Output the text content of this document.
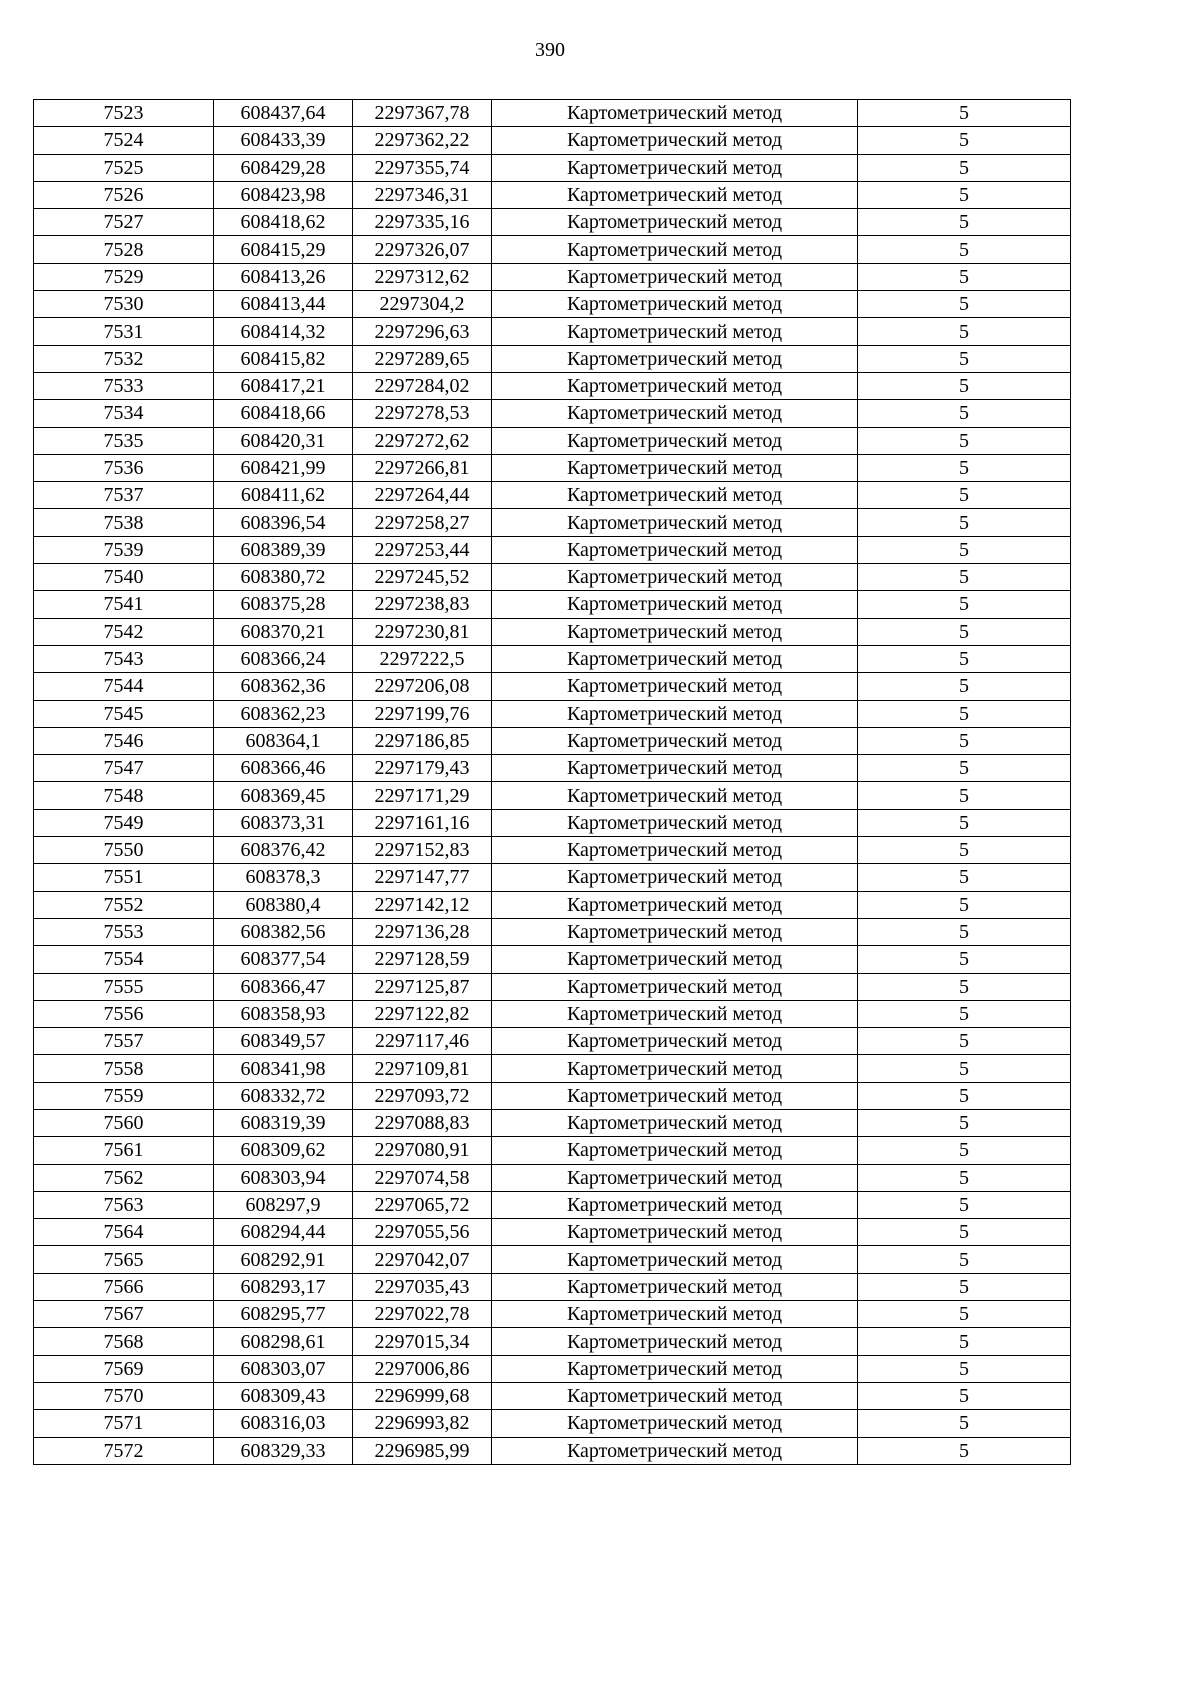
390
7523	608437,64	2297367,78	Картометрический метод	5
7524	608433,39	2297362,22	Картометрический метод	5
7525	608429,28	2297355,74	Картометрический метод	5
7526	608423,98	2297346,31	Картометрический метод	5
7527	608418,62	2297335,16	Картометрический метод	5
7528	608415,29	2297326,07	Картометрический метод	5
7529	608413,26	2297312,62	Картометрический метод	5
7530	608413,44	2297304,2	Картометрический метод	5
7531	608414,32	2297296,63	Картометрический метод	5
7532	608415,82	2297289,65	Картометрический метод	5
7533	608417,21	2297284,02	Картометрический метод	5
7534	608418,66	2297278,53	Картометрический метод	5
7535	608420,31	2297272,62	Картометрический метод	5
7536	608421,99	2297266,81	Картометрический метод	5
7537	608411,62	2297264,44	Картометрический метод	5
7538	608396,54	2297258,27	Картометрический метод	5
7539	608389,39	2297253,44	Картометрический метод	5
7540	608380,72	2297245,52	Картометрический метод	5
7541	608375,28	2297238,83	Картометрический метод	5
7542	608370,21	2297230,81	Картометрический метод	5
7543	608366,24	2297222,5	Картометрический метод	5
7544	608362,36	2297206,08	Картометрический метод	5
7545	608362,23	2297199,76	Картометрический метод	5
7546	608364,1	2297186,85	Картометрический метод	5
7547	608366,46	2297179,43	Картометрический метод	5
7548	608369,45	2297171,29	Картометрический метод	5
7549	608373,31	2297161,16	Картометрический метод	5
7550	608376,42	2297152,83	Картометрический метод	5
7551	608378,3	2297147,77	Картометрический метод	5
7552	608380,4	2297142,12	Картометрический метод	5
7553	608382,56	2297136,28	Картометрический метод	5
7554	608377,54	2297128,59	Картометрический метод	5
7555	608366,47	2297125,87	Картометрический метод	5
7556	608358,93	2297122,82	Картометрический метод	5
7557	608349,57	2297117,46	Картометрический метод	5
7558	608341,98	2297109,81	Картометрический метод	5
7559	608332,72	2297093,72	Картометрический метод	5
7560	608319,39	2297088,83	Картометрический метод	5
7561	608309,62	2297080,91	Картометрический метод	5
7562	608303,94	2297074,58	Картометрический метод	5
7563	608297,9	2297065,72	Картометрический метод	5
7564	608294,44	2297055,56	Картометрический метод	5
7565	608292,91	2297042,07	Картометрический метод	5
7566	608293,17	2297035,43	Картометрический метод	5
7567	608295,77	2297022,78	Картометрический метод	5
7568	608298,61	2297015,34	Картометрический метод	5
7569	608303,07	2297006,86	Картометрический метод	5
7570	608309,43	2296999,68	Картометрический метод	5
7571	608316,03	2296993,82	Картометрический метод	5
7572	608329,33	2296985,99	Картометрический метод	5
